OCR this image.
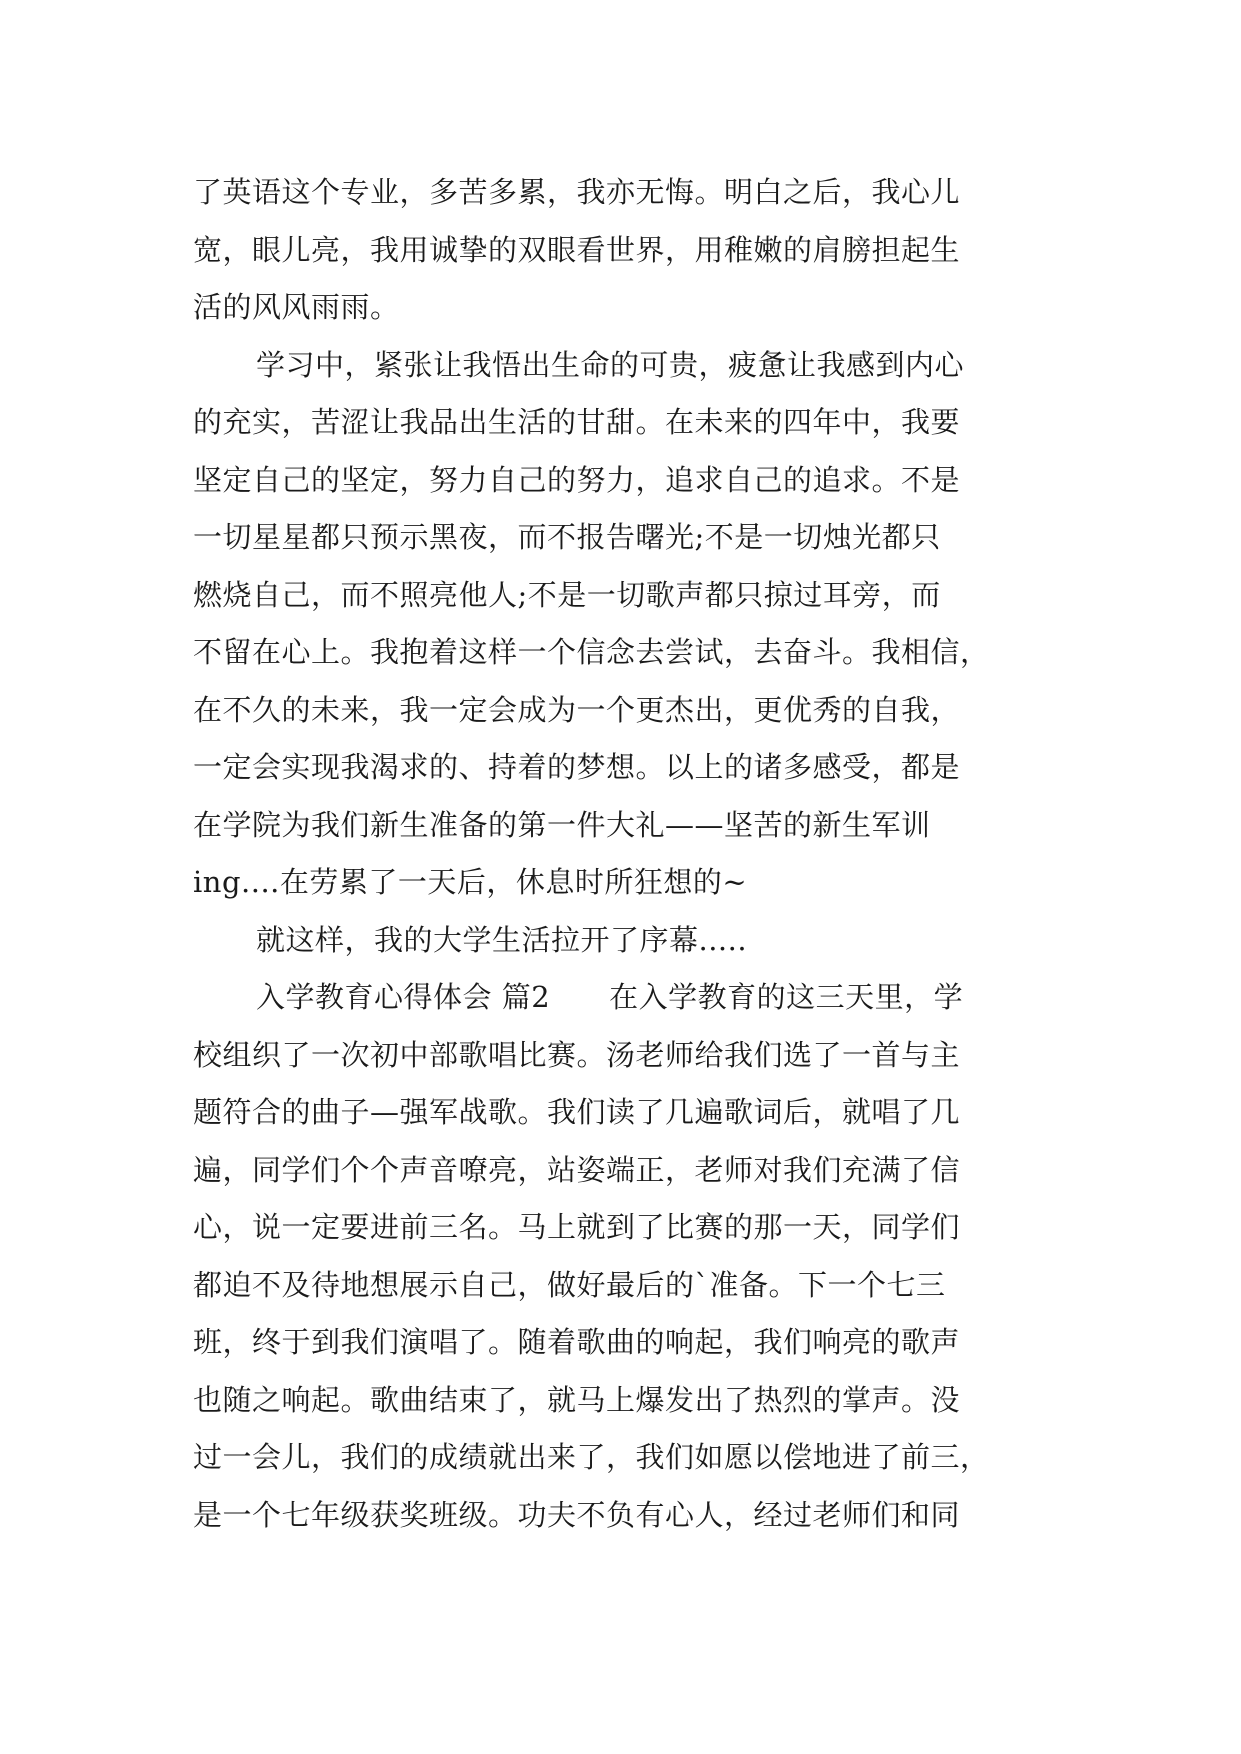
了英语这个专业，多苦多累，我亦无悔。明白之后，我心儿
宽，眼儿亮，我用诚挚的双眼看世界，用稚嫩的肩膀担起生
活的风风雨雨。
学习中，紧张让我悟出生命的可贵，疲惫让我感到内心
的充实，苦涩让我品出生活的甘甜。在未来的四年中，我要
坚定自己的坚定，努力自己的努力，追求自己的追求。不是
一切星星都只预示黑夜，而不报告曙光;不是一切烛光都只
燃烧自己，而不照亮他人;不是一切歌声都只掠过耳旁，而
不留在心上。我抱着这样一个信念去尝试，去奋斗。我相信，
在不久的未来，我一定会成为一个更杰出，更优秀的自我，
一定会实现我渴求的、持着的梦想。以上的诸多感受，都是
在学院为我们新生准备的第一件大礼——坚苦的新生军训
ing....在劳累了一天后，休息时所狂想的~
就这样，我的大学生活拉开了序幕.....
入学教育心得体会 篇2　　在入学教育的这三天里，学
校组织了一次初中部歌唱比赛。汤老师给我们选了一首与主
题符合的曲子—强军战歌。我们读了几遍歌词后，就唱了几
遍，同学们个个声音嘹亮，站姿端正，老师对我们充满了信
心，说一定要进前三名。马上就到了比赛的那一天，同学们
都迫不及待地想展示自己，做好最后的`准备。下一个七三
班，终于到我们演唱了。随着歌曲的响起，我们响亮的歌声
也随之响起。歌曲结束了，就马上爆发出了热烈的掌声。没
过一会儿，我们的成绩就出来了，我们如愿以偿地进了前三，
是一个七年级获奖班级。功夫不负有心人，经过老师们和同
